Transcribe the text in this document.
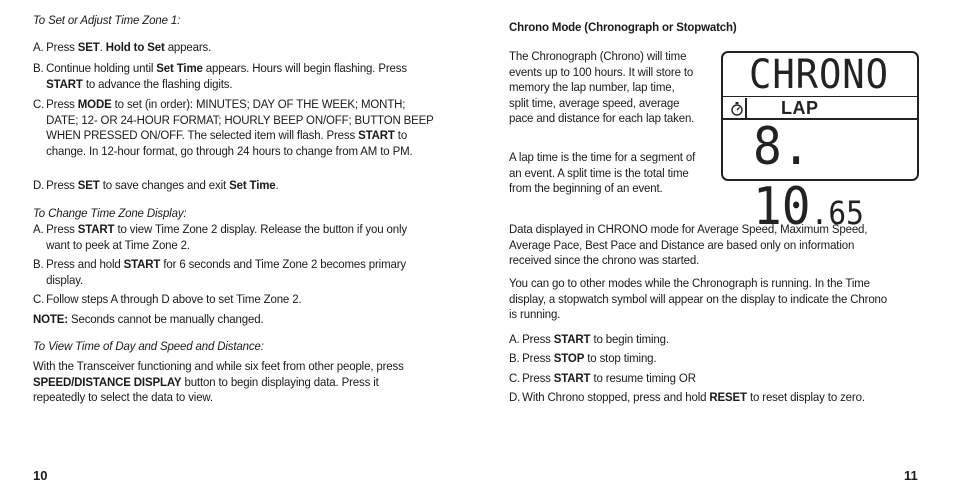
To Set or Adjust Time Zone 1:
A. Press SET. Hold to Set appears.
B. Continue holding until Set Time appears. Hours will begin flashing. Press START to advance the flashing digits.
C. Press MODE to set (in order): MINUTES; DAY OF THE WEEK; MONTH; DATE; 12- OR 24-HOUR FORMAT; HOURLY BEEP ON/OFF; BUTTON BEEP WHEN PRESSED ON/OFF. The selected item will flash. Press START to change. In 12-hour format, go through 24 hours to change from AM to PM.
D. Press SET to save changes and exit Set Time.
To Change Time Zone Display:
A. Press START to view Time Zone 2 display. Release the button if you only want to peek at Time Zone 2.
B. Press and hold START for 6 seconds and Time Zone 2 becomes primary display.
C. Follow steps A through D above to set Time Zone 2.
NOTE: Seconds cannot be manually changed.
To View Time of Day and Speed and Distance:
With the Transceiver functioning and while six feet from other people, press SPEED/DISTANCE DISPLAY button to begin displaying data. Press it repeatedly to select the data to view.
10
Chrono Mode (Chronograph or Stopwatch)
The Chronograph (Chrono) will time events up to 100 hours. It will store to memory the lap number, lap time, split time, average speed, average pace and distance for each lap taken.
A lap time is the time for a segment of an event. A split time is the total time from the beginning of an event.
Data displayed in CHRONO mode for Average Speed, Maximum Speed, Average Pace, Best Pace and Distance are based only on information received since the chrono was started.
You can go to other modes while the Chronograph is running. In the Time display, a stopwatch symbol will appear on the display to indicate the Chrono is running.
A. Press START to begin timing.
B. Press STOP to stop timing.
C. Press START to resume timing OR
D. With Chrono stopped, press and hold RESET to reset display to zero.
CHRONO
LAP
8. 10.65
11
